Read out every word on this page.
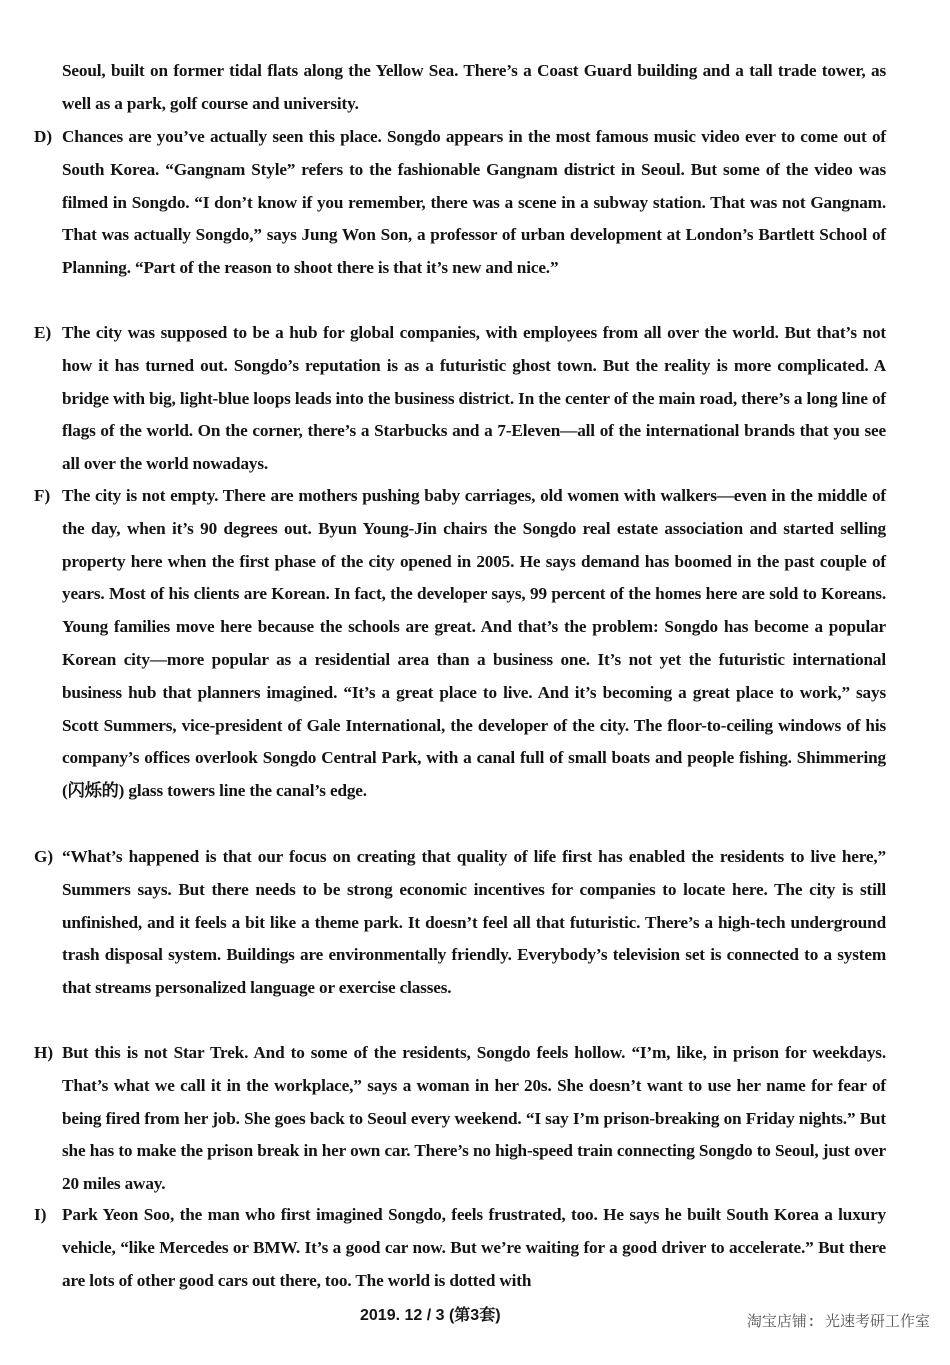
Seoul, built on former tidal flats along the Yellow Sea. There’s a Coast Guard building and a tall trade tower, as well as a park, golf course and university.
D) Chances are you’ve actually seen this place. Songdo appears in the most famous music video ever to come out of South Korea. “Gangnam Style” refers to the fashionable Gangnam district in Seoul. But some of the video was filmed in Songdo. “I don’t know if you remember, there was a scene in a subway station. That was not Gangnam. That was actually Songdo,” says Jung Won Son, a professor of urban development at London’s Bartlett School of Planning. “Part of the reason to shoot there is that it’s new and nice.”
E) The city was supposed to be a hub for global companies, with employees from all over the world. But that’s not how it has turned out. Songdo’s reputation is as a futuristic ghost town. But the reality is more complicated. A bridge with big, light-blue loops leads into the business district. In the center of the main road, there’s a long line of flags of the world. On the corner, there’s a Starbucks and a 7-Eleven—all of the international brands that you see all over the world nowadays.
F) The city is not empty. There are mothers pushing baby carriages, old women with walkers—even in the middle of the day, when it’s 90 degrees out. Byun Young-Jin chairs the Songdo real estate association and started selling property here when the first phase of the city opened in 2005. He says demand has boomed in the past couple of years. Most of his clients are Korean. In fact, the developer says, 99 percent of the homes here are sold to Koreans. Young families move here because the schools are great. And that’s the problem: Songdo has become a popular Korean city—more popular as a residential area than a business one. It’s not yet the futuristic international business hub that planners imagined. “It’s a great place to live. And it’s becoming a great place to work,” says Scott Summers, vice-president of Gale International, the developer of the city. The floor-to-ceiling windows of his company’s offices overlook Songdo Central Park, with a canal full of small boats and people fishing. Shimmering (闪烁的) glass towers line the canal’s edge.
G) “What’s happened is that our focus on creating that quality of life first has enabled the residents to live here,” Summers says. But there needs to be strong economic incentives for companies to locate here. The city is still unfinished, and it feels a bit like a theme park. It doesn’t feel all that futuristic. There’s a high-tech underground trash disposal system. Buildings are environmentally friendly. Everybody’s television set is connected to a system that streams personalized language or exercise classes.
H) But this is not Star Trek. And to some of the residents, Songdo feels hollow. “I’m, like, in prison for weekdays. That’s what we call it in the workplace,” says a woman in her 20s. She doesn’t want to use her name for fear of being fired from her job. She goes back to Seoul every weekend. “I say I’m prison-breaking on Friday nights.” But she has to make the prison break in her own car. There’s no high-speed train connecting Songdo to Seoul, just over 20 miles away.
I) Park Yeon Soo, the man who first imagined Songdo, feels frustrated, too. He says he built South Korea a luxury vehicle, “like Mercedes or BMW. It’s a good car now. But we’re waiting for a good driver to accelerate.” But there are lots of other good cars out there, too. The world is dotted with
2019. 12 / 3 (第3套)	淘宝店铺: 光速考研工作室
